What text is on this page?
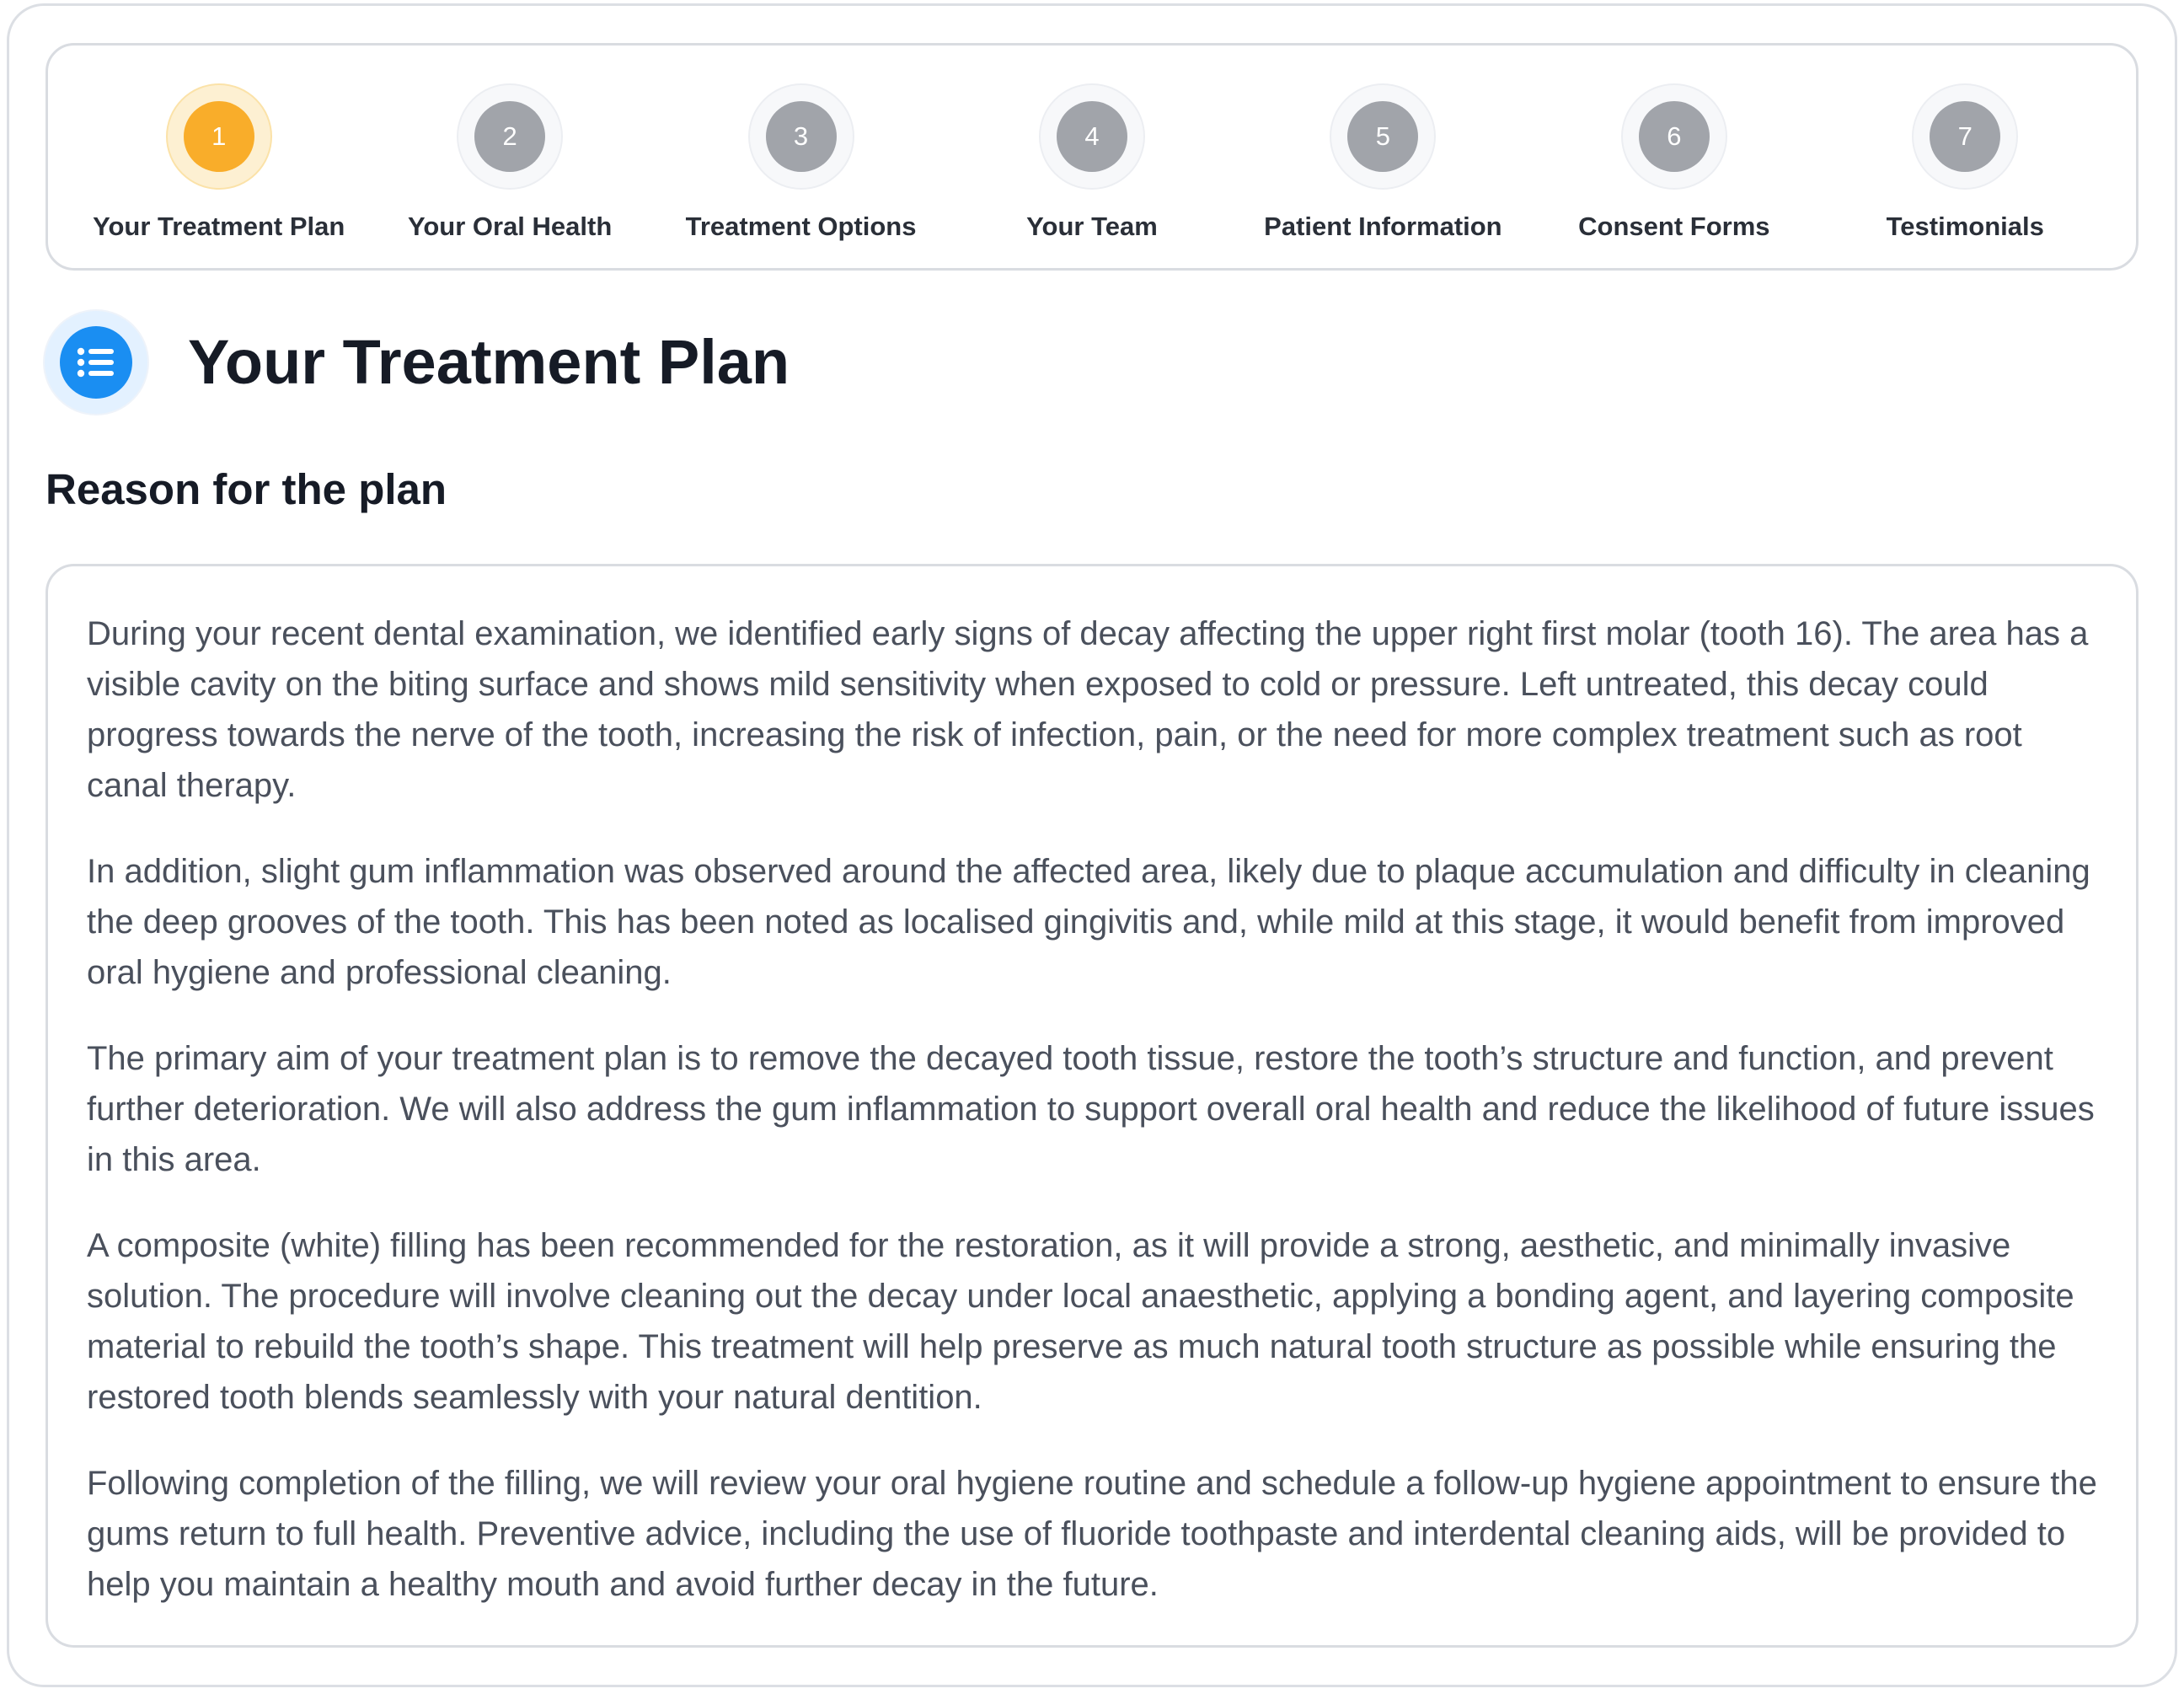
1
Your Treatment Plan
2
Your Oral Health
3
Treatment Options
4
Your Team
5
Patient Information
6
Consent Forms
7
Testimonials
Your Treatment Plan
Reason for the plan

During your recent dental examination, we identified early signs of decay affecting the upper right first molar (tooth 16). The area has a visible cavity on the biting surface and shows mild sensitivity when exposed to cold or pressure. Left untreated, this decay could progress towards the nerve of the tooth, increasing the risk of infection, pain, or the need for more complex treatment such as root canal therapy.

In addition, slight gum inflammation was observed around the affected area, likely due to plaque accumulation and difficulty in cleaning the deep grooves of the tooth. This has been noted as localised gingivitis and, while mild at this stage, it would benefit from improved oral hygiene and professional cleaning.

The primary aim of your treatment plan is to remove the decayed tooth tissue, restore the tooth’s structure and function, and prevent further deterioration. We will also address the gum inflammation to support overall oral health and reduce the likelihood of future issues in this area.

A composite (white) filling has been recommended for the restoration, as it will provide a strong, aesthetic, and minimally invasive solution. The procedure will involve cleaning out the decay under local anaesthetic, applying a bonding agent, and layering composite material to rebuild the tooth’s shape. This treatment will help preserve as much natural tooth structure as possible while ensuring the restored tooth blends seamlessly with your natural dentition.

Following completion of the filling, we will review your oral hygiene routine and schedule a follow-up hygiene appointment to ensure the gums return to full health. Preventive advice, including the use of fluoride toothpaste and interdental cleaning aids, will be provided to help you maintain a healthy mouth and avoid further decay in the future.
